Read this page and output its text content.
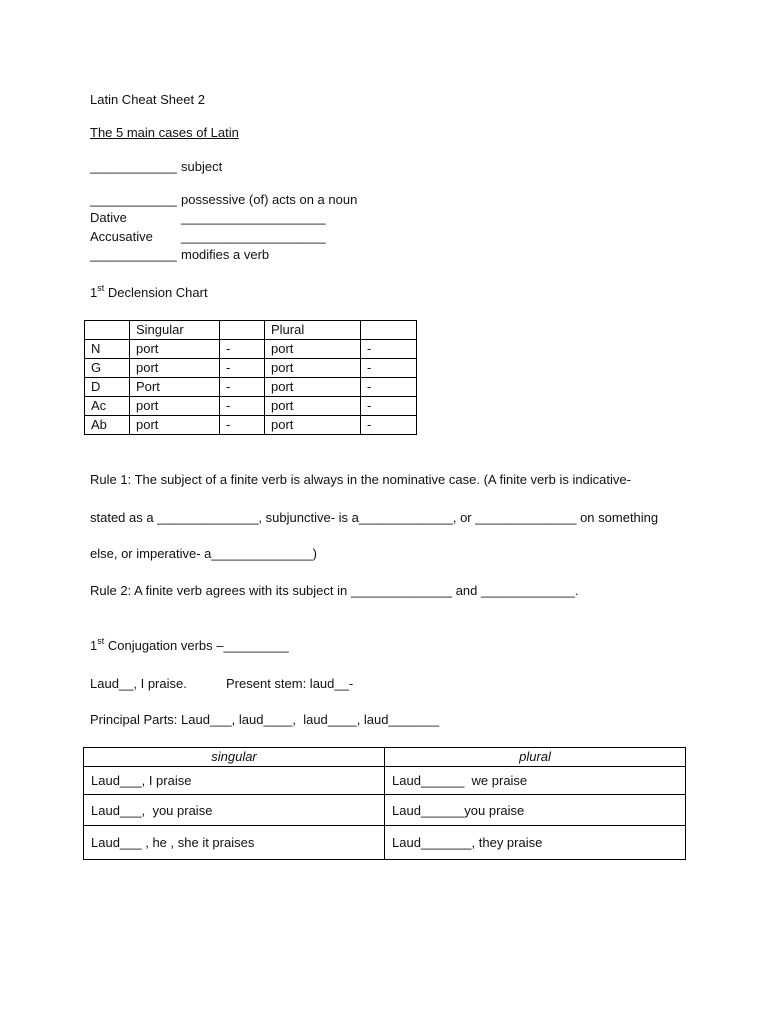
Latin Cheat Sheet 2
The 5 main cases of Latin
____________ subject
____________ possessive (of) acts on a noun
Dative	____________________
Accusative ____________________
____________ modifies a verb
1st Declension Chart
	Singular		Plural	
N	port	-	port	-
G	port	-	port	-
D	Port	-	port	-
Ac	port	-	port	-
Ab	port	-	port	-
Rule 1: The subject of a finite verb is always in the nominative case. (A finite verb is indicative-
stated as a ______________, subjunctive- is a_____________, or ______________ on something
else, or imperative- a______________)
Rule 2: A finite verb agrees with its subject in ______________ and _____________.
1st Conjugation verbs –_________
Laud__, I praise.	Present stem: laud__-
Principal Parts: Laud___, laud____,  laud____, laud_______
singular	plural
Laud___, I praise	Laud______  we praise
Laud___,  you praise	Laud______you praise
Laud___ , he , she it praises	Laud_______, they praise
